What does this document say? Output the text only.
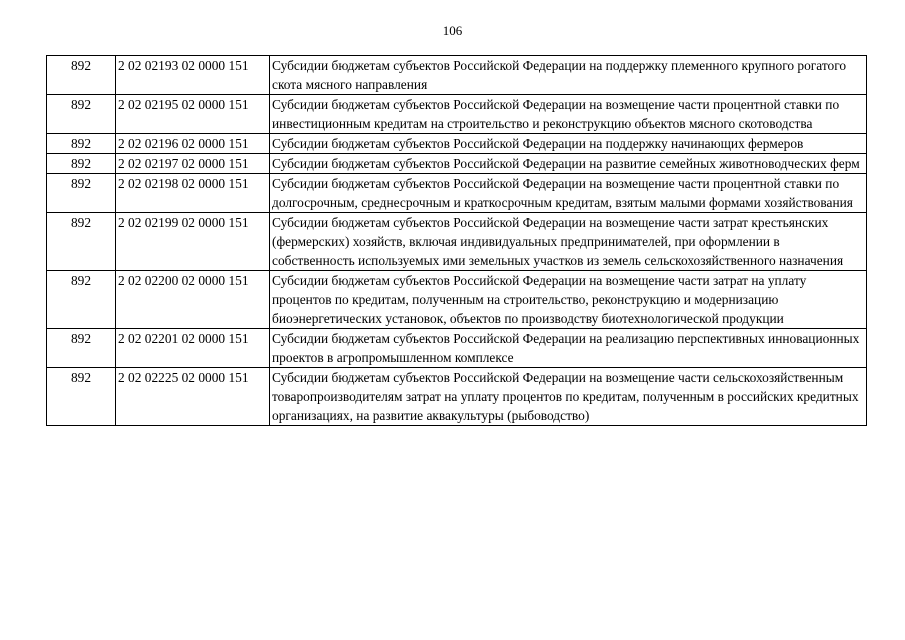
106
892	2 02 02193 02 0000 151	Субсидии бюджетам субъектов Российской Федерации на поддержку племенного крупного рогатого скота мясного направления
892	2 02 02195 02 0000 151	Субсидии бюджетам субъектов Российской Федерации на возмещение части процентной ставки по инвестиционным кредитам на строительство и реконструкцию объектов мясного скотоводства
892	2 02 02196 02 0000 151	Субсидии бюджетам субъектов Российской Федерации на поддержку начинающих фермеров
892	2 02 02197 02 0000 151	Субсидии бюджетам субъектов Российской Федерации на развитие семейных животноводческих ферм
892	2 02 02198 02 0000 151	Субсидии бюджетам субъектов Российской Федерации на возмещение части процентной ставки по долгосрочным, среднесрочным и краткосрочным кредитам, взятым малыми формами хозяйствования
892	2 02 02199 02 0000 151	Субсидии бюджетам субъектов Российской Федерации на возмещение части затрат крестьянских (фермерских) хозяйств, включая индивидуальных предпринимателей, при оформлении в собственность используемых ими земельных участков из земель сельскохозяйственного назначения
892	2 02 02200 02 0000 151	Субсидии бюджетам субъектов Российской Федерации на возмещение части затрат на уплату процентов по кредитам, полученным на строительство, реконструкцию и модернизацию биоэнергетических установок, объектов по производству биотехнологической продукции
892	2 02 02201 02 0000 151	Субсидии бюджетам субъектов Российской Федерации на реализацию перспективных инновационных проектов в агропромышленном комплексе
892	2 02 02225 02 0000 151	Субсидии бюджетам субъектов Российской Федерации на возмещение части сельскохозяйственным товаропроизводителям затрат на уплату процентов по кредитам, полученным в российских кредитных организациях, на развитие аквакультуры (рыбоводство)
